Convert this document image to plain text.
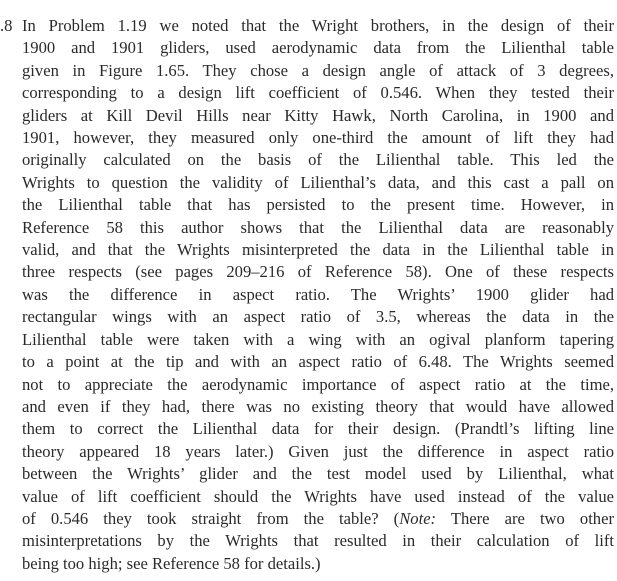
.8 In Problem 1.19 we noted that the Wright brothers, in the design of their
1900 and 1901 gliders, used aerodynamic data from the Lilienthal table
given in Figure 1.65. They chose a design angle of attack of 3 degrees,
corresponding to a design lift coefficient of 0.546. When they tested their
gliders at Kill Devil Hills near Kitty Hawk, North Carolina, in 1900 and
1901, however, they measured only one-third the amount of lift they had
originally calculated on the basis of the Lilienthal table. This led the
Wrights to question the validity of Lilienthal’s data, and this cast a pall on
the Lilienthal table that has persisted to the present time. However, in
Reference 58 this author shows that the Lilienthal data are reasonably
valid, and that the Wrights misinterpreted the data in the Lilienthal table in
three respects (see pages 209–216 of Reference 58). One of these respects
was the difference in aspect ratio. The Wrights’ 1900 glider had
rectangular wings with an aspect ratio of 3.5, whereas the data in the
Lilienthal table were taken with a wing with an ogival planform tapering
to a point at the tip and with an aspect ratio of 6.48. The Wrights seemed
not to appreciate the aerodynamic importance of aspect ratio at the time,
and even if they had, there was no existing theory that would have allowed
them to correct the Lilienthal data for their design. (Prandtl’s lifting line
theory appeared 18 years later.) Given just the difference in aspect ratio
between the Wrights’ glider and the test model used by Lilienthal, what
value of lift coefficient should the Wrights have used instead of the value
of 0.546 they took straight from the table? (Note: There are two other
misinterpretations by the Wrights that resulted in their calculation of lift
being too high; see Reference 58 for details.)
